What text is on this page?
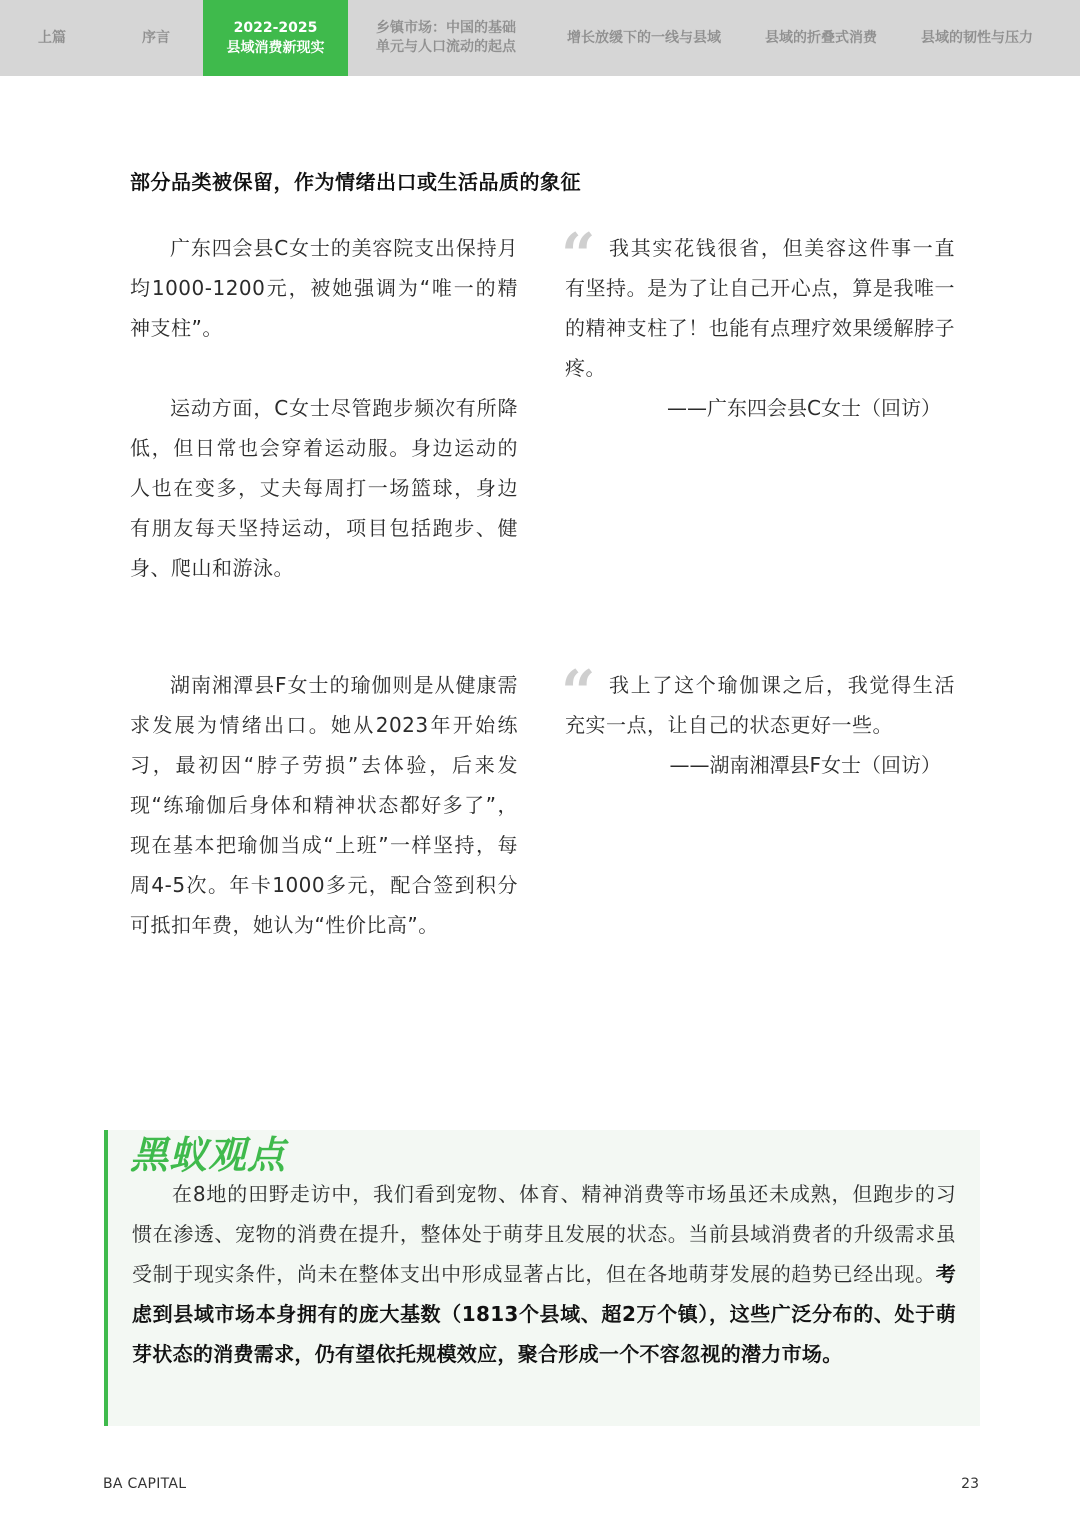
上篇	序言
2022-2025
县域消费新现实
乡镇市场：中国的基础
单元与人口流动的起点
增长放缓下的一线与县域	县域的折叠式消费	县域的韧性与压力
部分品类被保留，作为情绪出口或生活品质的象征

广东四会县C女士的美容院支出保持月均1000-1200元，被她强调为“唯一的精神支柱”。

运动方面，C女士尽管跑步频次有所降低，但日常也会穿着运动服。身边运动的人也在变多，丈夫每周打一场篮球，身边有朋友每天坚持运动，项目包括跑步、健身、爬山和游泳。

湖南湘潭县F女士的瑜伽则是从健康需求发展为情绪出口。她从2023年开始练习，最初因“脖子劳损”去体验，后来发现“练瑜伽后身体和精神状态都好多了”，现在基本把瑜伽当成“上班”一样坚持，每周4-5次。年卡1000多元，配合签到积分可抵扣年费，她认为“性价比高”。

“ 我其实花钱很省，但美容这件事一直有坚持。是为了让自己开心点，算是我唯一的精神支柱了！也能有点理疗效果缓解脖子疼。

——广东四会县C女士（回访）

“ 我上了这个瑜伽课之后，我觉得生活充实一点，让自己的状态更好一些。

——湖南湘潭县F女士（回访）

黑蚁观点

在8地的田野走访中，我们看到宠物、体育、精神消费等市场虽还未成熟，但跑步的习惯在渗透、宠物的消费在提升，整体处于萌芽且发展的状态。当前县域消费者的升级需求虽受制于现实条件，尚未在整体支出中形成显著占比，但在各地萌芽发展的趋势已经出现。考虑到县域市场本身拥有的庞大基数（1813个县域、超2万个镇），这些广泛分布的、处于萌芽状态的消费需求，仍有望依托规模效应，聚合形成一个不容忽视的潜力市场。

BA CAPITAL	23
